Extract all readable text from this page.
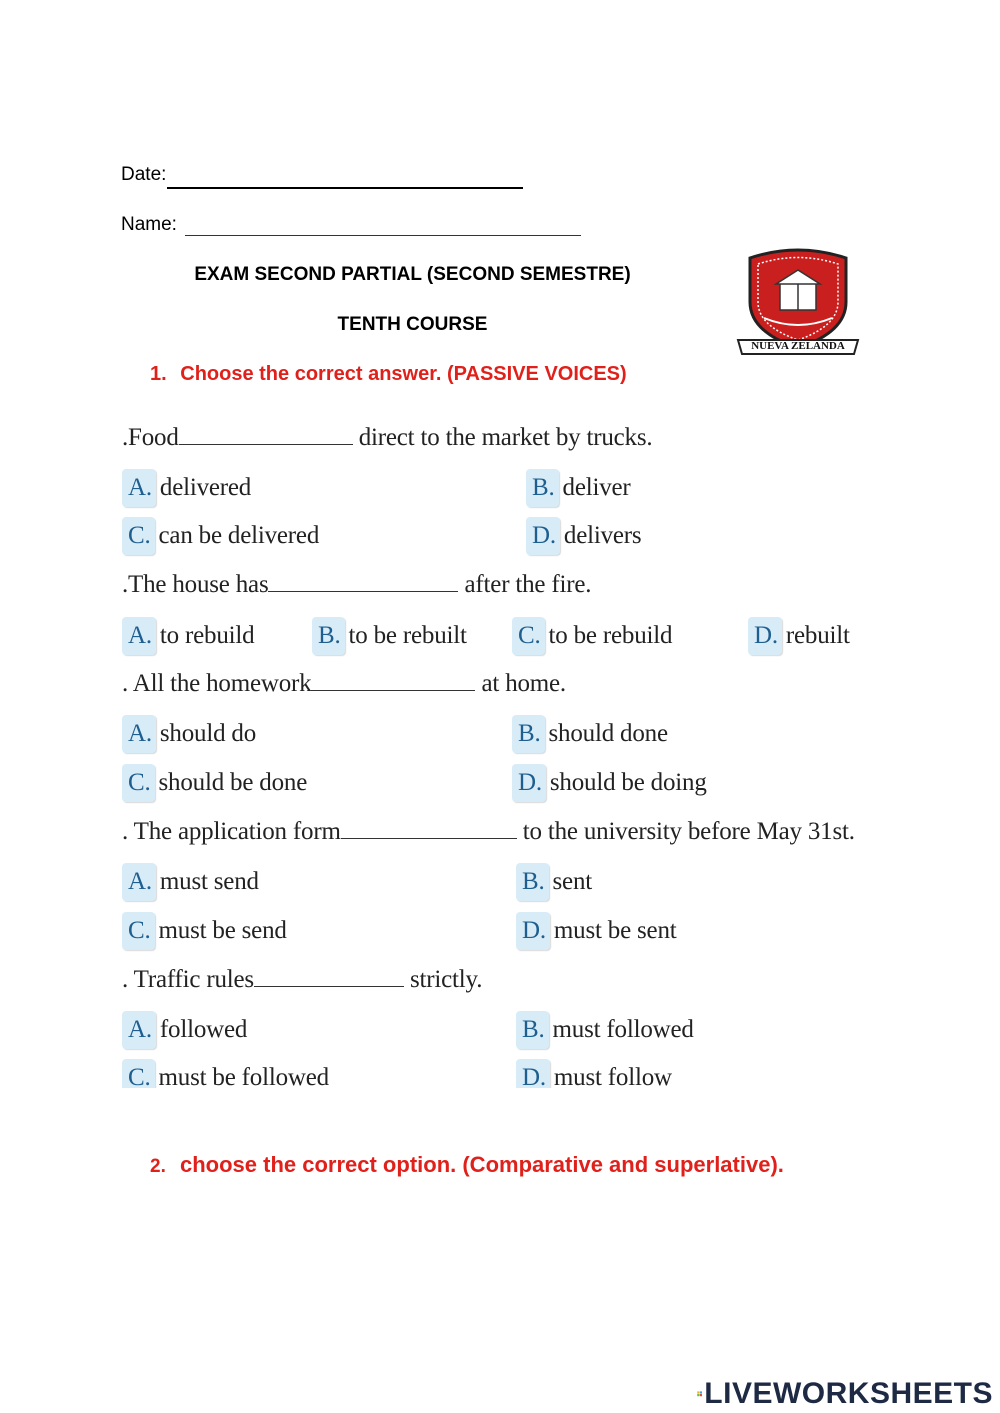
Date:
Name:
EXAM SECOND PARTIAL (SECOND SEMESTRE)
TENTH COURSE
NUEVA ZELANDA
1. Choose the correct answer. (PASSIVE VOICES)
.Food	direct to the market by trucks.
A. delivered	B. deliver
C. can be delivered	D. delivers
.The house has	after the fire.
A. to rebuild	B. to be rebuilt C. to be rebuild	D. rebuilt
. All the homework	at home.
A. should do	B. should done
C. should be done	D. should be doing
. The application form	to the university before May 31st.
A. must send	B. sent
C. must be send	D. must be sent
. Traffic rules	strictly.
A. followed	B. must followed
C. must be followed	D. must follow
2. choose the correct option. (Comparative and superlative).
LIVEWORKSHEETS
